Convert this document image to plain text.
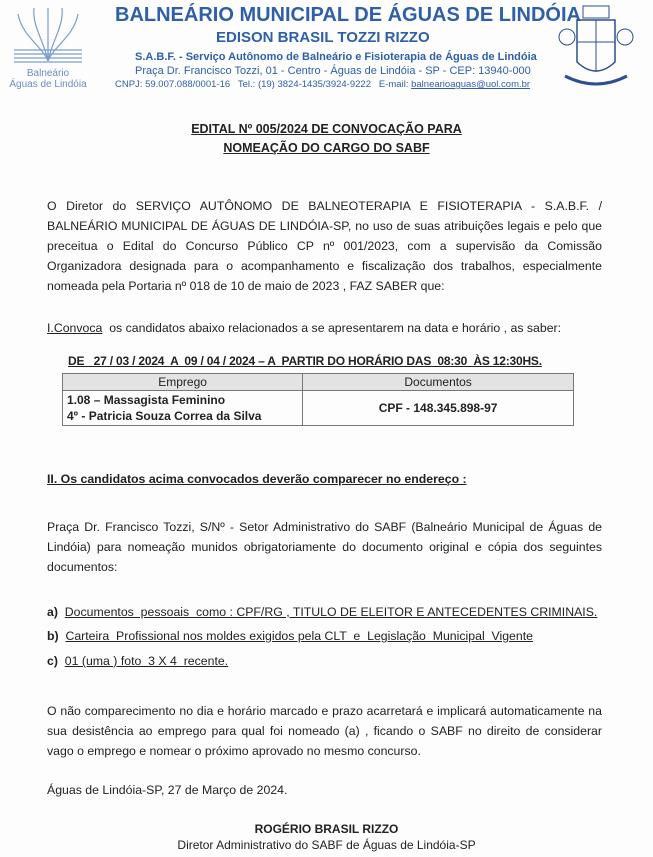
Balneário
Águas de Lindóia
BALNEÁRIO MUNICIPAL DE ÁGUAS DE LINDÓIA
EDISON BRASIL TOZZI RIZZO
S.A.B.F. - Serviço Autônomo de Balneário e Fisioterapia de Águas de Lindóia
Praça Dr. Francisco Tozzi, 01 - Centro - Águas de Lindóia - SP - CEP: 13940-000
CNPJ: 59.007.088/0001-16   Tel.: (19) 3824-1435/3924-9222   E-mail: balnearioaguas@uol.com.br
EDITAL Nº 005/2024 DE CONVOCAÇÃO PARA
NOMEAÇÃO DO CARGO DO SABF
O Diretor do SERVIÇO AUTÔNOMO DE BALNEOTERAPIA E FISIOTERAPIA - S.A.B.F. / BALNEÁRIO MUNICIPAL DE ÁGUAS DE LINDÓIA-SP, no uso de suas atribuições legais e pelo que preceitua o Edital do Concurso Público CP nº 001/2023, com a supervisão da Comissão Organizadora designada para o acompanhamento e fiscalização dos trabalhos, especialmente nomeada pela Portaria nº 018 de 10 de maio de 2023 , FAZ SABER que:
I.Convoca  os candidatos abaixo relacionados a se apresentarem na data e horário , as saber:
DE   27 / 03 / 2024  A  09 / 04 / 2024 – A  PARTIR DO HORÁRIO DAS  08:30  ÀS 12:30HS.
Emprego	Documentos

1.08 – Massagista Feminino
4º - Patricia Souza Correa da Silva	CPF - 148.345.898-97
II. Os candidatos acima convocados deverão comparecer no endereço :
Praça Dr. Francisco Tozzi, S/Nº - Setor Administrativo do SABF (Balneário Municipal de Águas de Lindóia) para nomeação munidos obrigatoriamente do documento original e cópia dos seguintes documentos:
a) Documentos  pessoais  como : CPF/RG , TITULO DE ELEITOR E ANTECEDENTES CRIMINAIS.
b) Carteira  Profissional nos moldes exigidos pela CLT  e  Legislação  Municipal  Vigente
c) 01 (uma ) foto  3 X 4  recente.
O não comparecimento no dia e horário marcado e prazo acarretará e implicará automaticamente na sua desistência ao emprego para qual foi nomeado (a) , ficando o SABF no direito de considerar vago o emprego e nomear o próximo aprovado no mesmo concurso.
Águas de Lindóia-SP, 27 de Março de 2024.
ROGÉRIO BRASIL RIZZO
Diretor Administrativo do SABF de Águas de Lindóia-SP
